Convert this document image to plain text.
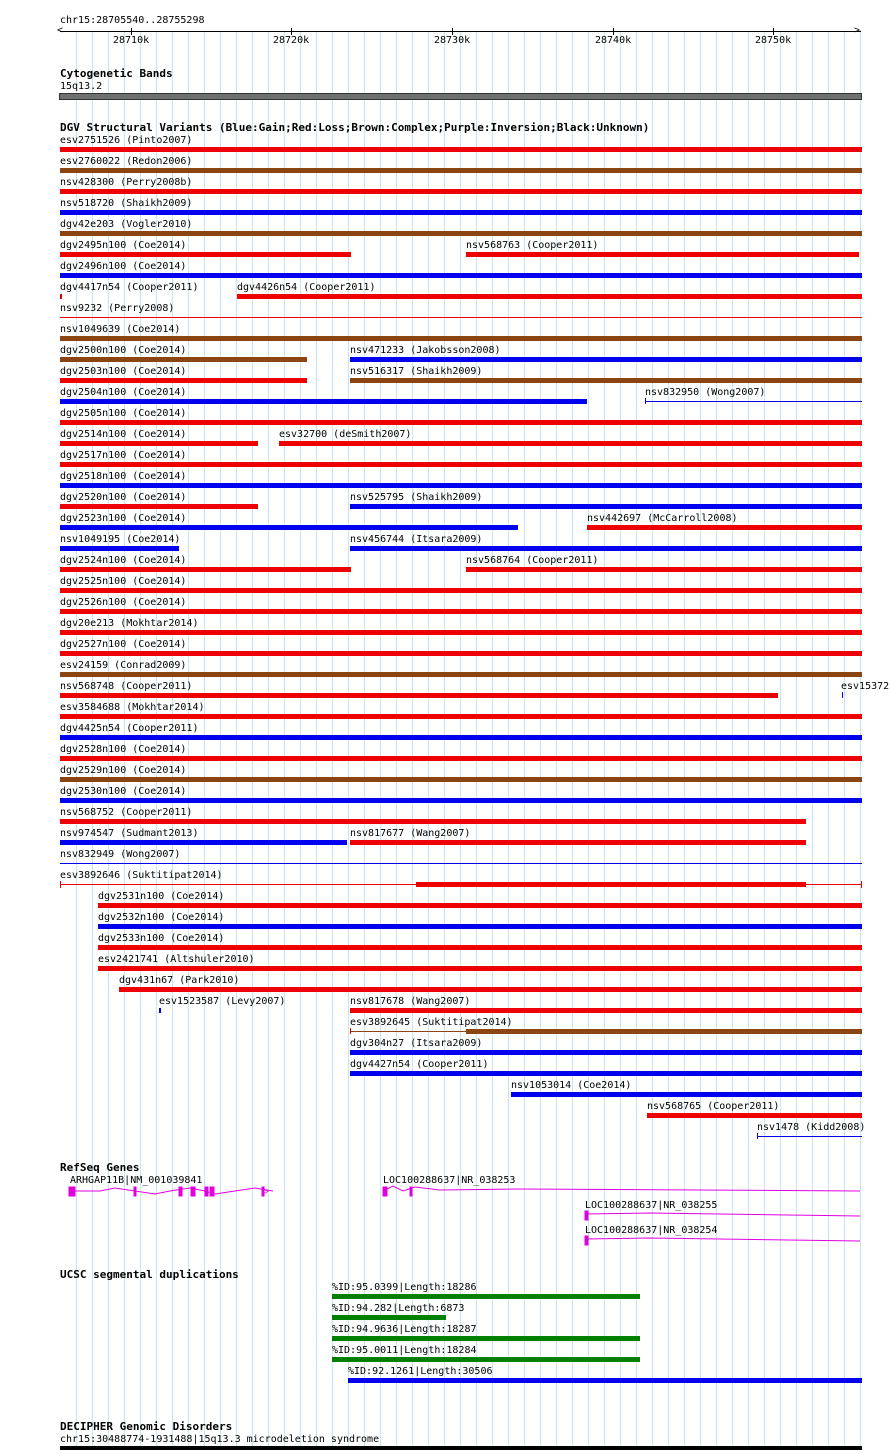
chr15:28705540..28755298
<	>
28710k	28720k	28730k	28740k	28750k
Cytogenetic Bands
15q13.2
DGV Structural Variants (Blue:Gain;Red:Loss;Brown:Complex;Purple:Inversion;Black:Unknown)
esv2751526 (Pinto2007)
esv2760022 (Redon2006)
nsv428300 (Perry2008b)
nsv518720 (Shaikh2009)
dgv42e203 (Vogler2010)
dgv2495n100 (Coe2014)	nsv568763 (Cooper2011)
dgv2496n100 (Coe2014)
dgv4417n54 (Cooper2011)	dgv4426n54 (Cooper2011)
nsv9232 (Perry2008)
nsv1049639 (Coe2014)
dgv2500n100 (Coe2014)	nsv471233 (Jakobsson2008)
dgv2503n100 (Coe2014)	nsv516317 (Shaikh2009)
dgv2504n100 (Coe2014)	nsv832950 (Wong2007)
dgv2505n100 (Coe2014)
dgv2514n100 (Coe2014)	esv32700 (deSmith2007)
dgv2517n100 (Coe2014)
dgv2518n100 (Coe2014)
dgv2520n100 (Coe2014)	nsv525795 (Shaikh2009)
dgv2523n100 (Coe2014)	nsv442697 (McCarroll2008)
nsv1049195 (Coe2014)	nsv456744 (Itsara2009)
dgv2524n100 (Coe2014)	nsv568764 (Cooper2011)
dgv2525n100 (Coe2014)
dgv2526n100 (Coe2014)
dgv20e213 (Mokhtar2014)
dgv2527n100 (Coe2014)
esv24159 (Conrad2009)
nsv568748 (Cooper2011)	esv15372
esv3584688 (Mokhtar2014)
dgv4425n54 (Cooper2011)
dgv2528n100 (Coe2014)
dgv2529n100 (Coe2014)
dgv2530n100 (Coe2014)
nsv568752 (Cooper2011)
nsv974547 (Sudmant2013)	nsv817677 (Wang2007)
nsv832949 (Wong2007)
esv3892646 (Suktitipat2014)
dgv2531n100 (Coe2014)
dgv2532n100 (Coe2014)
dgv2533n100 (Coe2014)
esv2421741 (Altshuler2010)
dgv431n67 (Park2010)
esv1523587 (Levy2007)	nsv817678 (Wang2007)
esv3892645 (Suktitipat2014)
dgv304n27 (Itsara2009)
dgv4427n54 (Cooper2011)
nsv1053014 (Coe2014)
nsv568765 (Cooper2011)
nsv1478 (Kidd2008)
RefSeq Genes
ARHGAP11B|NM_001039841
>
LOC100288637|NR_038253
LOC100288637|NR_038255
LOC100288637|NR_038254
UCSC segmental duplications
%ID:95.0399|Length:18286
%ID:94.282|Length:6873
%ID:94.9636|Length:18287
%ID:95.0011|Length:18284
%ID:92.1261|Length:30506
DECIPHER Genomic Disorders
chr15:30488774-1931488|15q13.3 microdeletion syndrome
